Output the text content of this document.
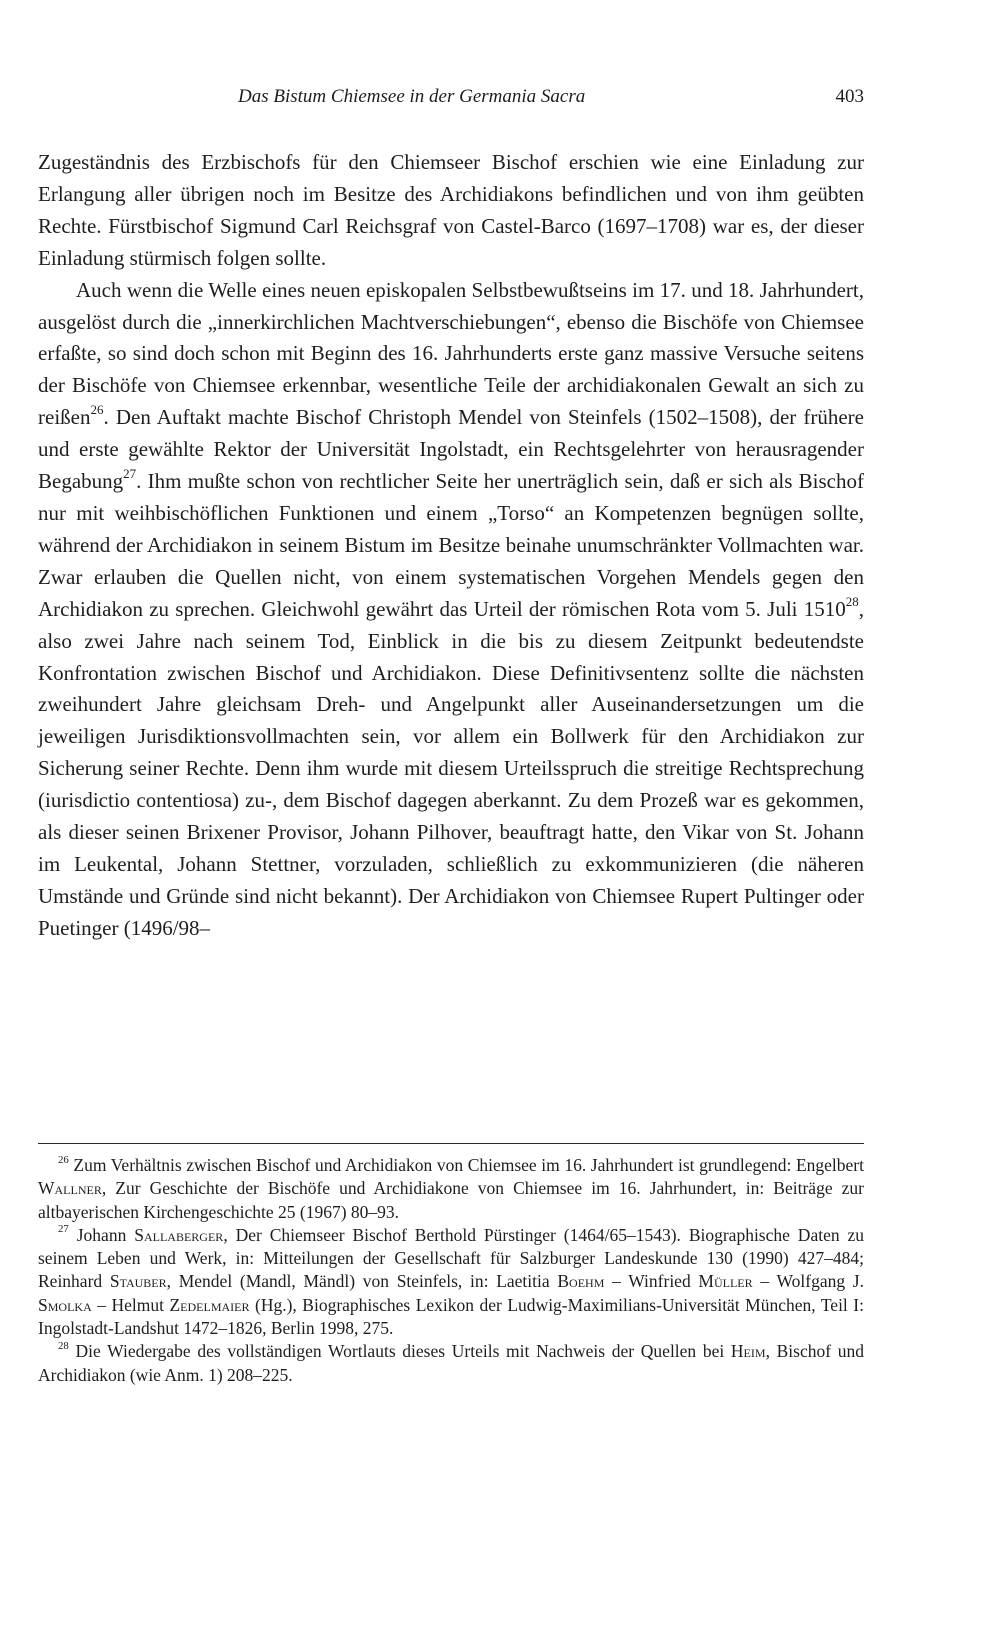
Das Bistum Chiemsee in der Germania Sacra	403

Zugeständnis des Erzbischofs für den Chiemseer Bischof erschien wie eine Einladung zur Erlangung aller übrigen noch im Besitze des Archidiakons befindlichen und von ihm geübten Rechte. Fürstbischof Sigmund Carl Reichsgraf von Castel-Barco (1697–1708) war es, der dieser Einladung stürmisch folgen sollte.

Auch wenn die Welle eines neuen episkopalen Selbstbewußtseins im 17. und 18. Jahrhundert, ausgelöst durch die „innerkirchlichen Machtverschiebungen“, ebenso die Bischöfe von Chiemsee erfaßte, so sind doch schon mit Beginn des 16. Jahrhunderts erste ganz massive Versuche seitens der Bischöfe von Chiemsee erkennbar, wesentliche Teile der archidiakonalen Gewalt an sich zu reißen$^{26}$. Den Auftakt machte Bischof Christoph Mendel von Steinfels (1502–1508), der frühere und erste gewählte Rektor der Universität Ingolstadt, ein Rechtsgelehrter von herausragender Begabung$^{27}$. Ihm mußte schon von rechtlicher Seite her unerträglich sein, daß er sich als Bischof nur mit weihbischöflichen Funktionen und einem „Torso“ an Kompetenzen begnügen sollte, während der Archidiakon in seinem Bistum im Besitze beinahe unumschränkter Vollmachten war. Zwar erlauben die Quellen nicht, von einem systematischen Vorgehen Mendels gegen den Archidiakon zu sprechen. Gleichwohl gewährt das Urteil der römischen Rota vom 5. Juli 1510$^{28}$, also zwei Jahre nach seinem Tod, Einblick in die bis zu diesem Zeitpunkt bedeutendste Konfrontation zwischen Bischof und Archidiakon. Diese Definitivsentenz sollte die nächsten zweihundert Jahre gleichsam Dreh- und Angelpunkt aller Auseinandersetzungen um die jeweiligen Jurisdiktionsvollmachten sein, vor allem ein Bollwerk für den Archidiakon zur Sicherung seiner Rechte. Denn ihm wurde mit diesem Urteilsspruch die streitige Rechtsprechung (iurisdictio contentiosa) zu-, dem Bischof dagegen aberkannt. Zu dem Prozeß war es gekommen, als dieser seinen Brixener Provisor, Johann Pilhover, beauftragt hatte, den Vikar von St. Johann im Leukental, Johann Stettner, vorzuladen, schließlich zu exkommunizieren (die näheren Umstände und Gründe sind nicht bekannt). Der Archidiakon von Chiemsee Rupert Pultinger oder Puetinger (1496/98–

$^{26}$ Zum Verhältnis zwischen Bischof und Archidiakon von Chiemsee im 16. Jahrhundert ist grundlegend: Engelbert Wallner, Zur Geschichte der Bischöfe und Archidiakone von Chiemsee im 16. Jahrhundert, in: Beiträge zur altbayerischen Kirchengeschichte 25 (1967) 80–93.

$^{27}$ Johann Sallaberger, Der Chiemseer Bischof Berthold Pürstinger (1464/65–1543). Biographische Daten zu seinem Leben und Werk, in: Mitteilungen der Gesellschaft für Salzburger Landeskunde 130 (1990) 427–484; Reinhard Stauber, Mendel (Mandl, Mändl) von Steinfels, in: Laetitia Boehm – Winfried Müller – Wolfgang J. Smolka – Helmut Zedelmaier (Hg.), Biographisches Lexikon der Ludwig-Maximilians-Universität München, Teil I: Ingolstadt-Landshut 1472–1826, Berlin 1998, 275.

$^{28}$ Die Wiedergabe des vollständigen Wortlauts dieses Urteils mit Nachweis der Quellen bei Heim, Bischof und Archidiakon (wie Anm. 1) 208–225.
